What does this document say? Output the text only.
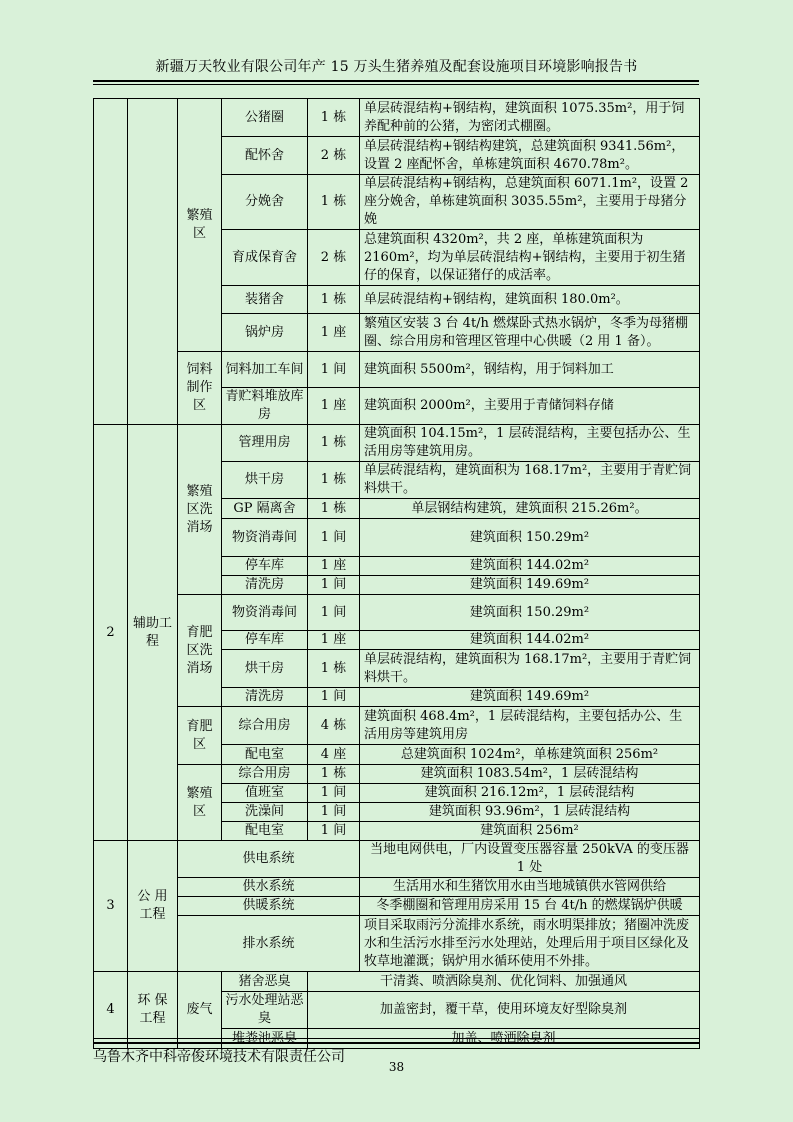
新疆万天牧业有限公司年产 15 万头生猪养殖及配套设施项目环境影响报告书
		繁殖区	公猪圈	1 栋	单层砖混结构+钢结构，建筑面积 1075.35m²，用于饲养配种前的公猪，为密闭式棚圈。
			配怀舍	2 栋	单层砖混结构+钢结构建筑，总建筑面积 9341.56m²，设置 2 座配怀舍，单栋建筑面积 4670.78m²。
			分娩舍	1 栋	单层砖混结构+钢结构，总建筑面积 6071.1m²，设置 2 座分娩舍，单栋建筑面积 3035.55m²，主要用于母猪分娩
			育成保育舍	2 栋	总建筑面积 4320m²，共 2 座，单栋建筑面积为 2160m²，均为单层砖混结构+钢结构，主要用于初生猪仔的保育，以保证猪仔的成活率。
			装猪舍	1 栋	单层砖混结构+钢结构，建筑面积 180.0m²。
			锅炉房	1 座	繁殖区安装 3 台 4t/h 燃煤卧式热水锅炉，冬季为母猪棚圈、综合用房和管理区管理中心供暖（2 用 1 备）。
		饲料制作区	饲料加工车间	1 间	建筑面积 5500m²，钢结构，用于饲料加工
			青贮料堆放库房	1 座	建筑面积 2000m²，主要用于青储饲料存储
2	辅助工程	繁殖区洗消场	管理用房	1 栋	建筑面积 104.15m²，1 层砖混结构，主要包括办公、生活用房等建筑用房。
			烘干房	1 栋	单层砖混结构，建筑面积为 168.17m²，主要用于青贮饲料烘干。
			GP 隔离舍	1 栋	单层钢结构建筑，建筑面积 215.26m²。
			物资消毒间	1 间	建筑面积 150.29m²
			停车库	1 座	建筑面积 144.02m²
			清洗房	1 间	建筑面积 149.69m²
		育肥区洗消场	物资消毒间	1 间	建筑面积 150.29m²
			停车库	1 座	建筑面积 144.02m²
			烘干房	1 栋	单层砖混结构，建筑面积为 168.17m²，主要用于青贮饲料烘干。
			清洗房	1 间	建筑面积 149.69m²
		育肥区	综合用房	4 栋	建筑面积 468.4m²，1 层砖混结构，主要包括办公、生活用房等建筑用房
			配电室	4 座	总建筑面积 1024m²，单栋建筑面积 256m²
		繁殖区	综合用房	1 栋	建筑面积 1083.54m²，1 层砖混结构
			值班室	1 间	建筑面积 216.12m²，1 层砖混结构
			洗澡间	1 间	建筑面积 93.96m²，1 层砖混结构
			配电室	1 间	建筑面积 256m²
3	公 用工程	供电系统			当地电网供电，厂内设置变压器容量 250kVA 的变压器 1 处
		供水系统			生活用水和生猪饮用水由当地城镇供水管网供给
		供暖系统			冬季棚圈和管理用房采用 15 台 4t/h 的燃煤锅炉供暖
		排水系统			项目采取雨污分流排水系统，雨水明渠排放；猪圈冲洗废水和生活污水排至污水处理站，处理后用于项目区绿化及牧草地灌溉；锅炉用水循环使用不外排。
4	环 保工程	废气	猪舍恶臭	干清粪、喷洒除臭剂、优化饲料、加强通风	
			污水处理站恶臭	加盖密封，覆干草，使用环境友好型除臭剂	
			堆粪池恶臭	加盖、喷洒除臭剂	
乌鲁木齐中科帝俊环境技术有限责任公司
38
